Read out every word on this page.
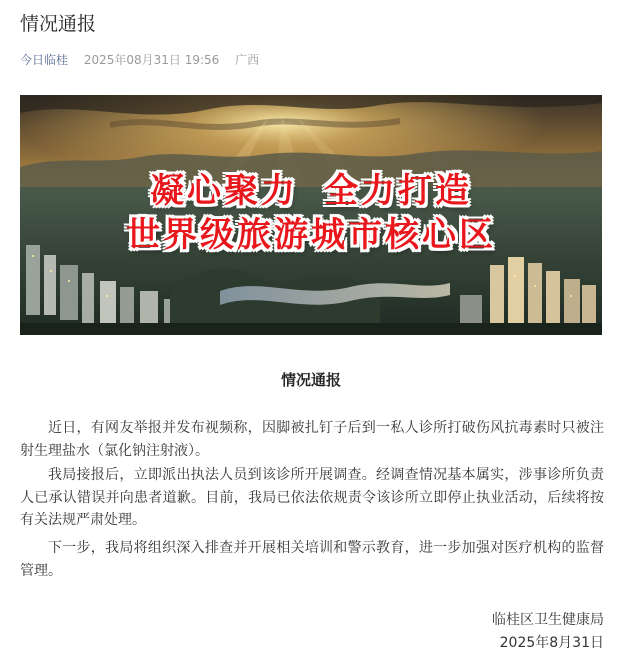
情况通报
今日临桂 2025年08月31日 19:56 广西
凝心聚力 全力打造
世界级旅游城市核心区
情况通报

近日，有网友举报并发布视频称，因脚被扎钉子后到一私人诊所打破伤风抗毒素时只被注射生理盐水（氯化钠注射液）。

我局接报后，立即派出执法人员到该诊所开展调查。经调查情况基本属实，涉事诊所负责人已承认错误并向患者道歉。目前，我局已依法依规责令该诊所立即停止执业活动，后续将按有关法规严肃处理。

下一步，我局将组织深入排查并开展相关培训和警示教育，进一步加强对医疗机构的监督管理。

临桂区卫生健康局
2025年8月31日
